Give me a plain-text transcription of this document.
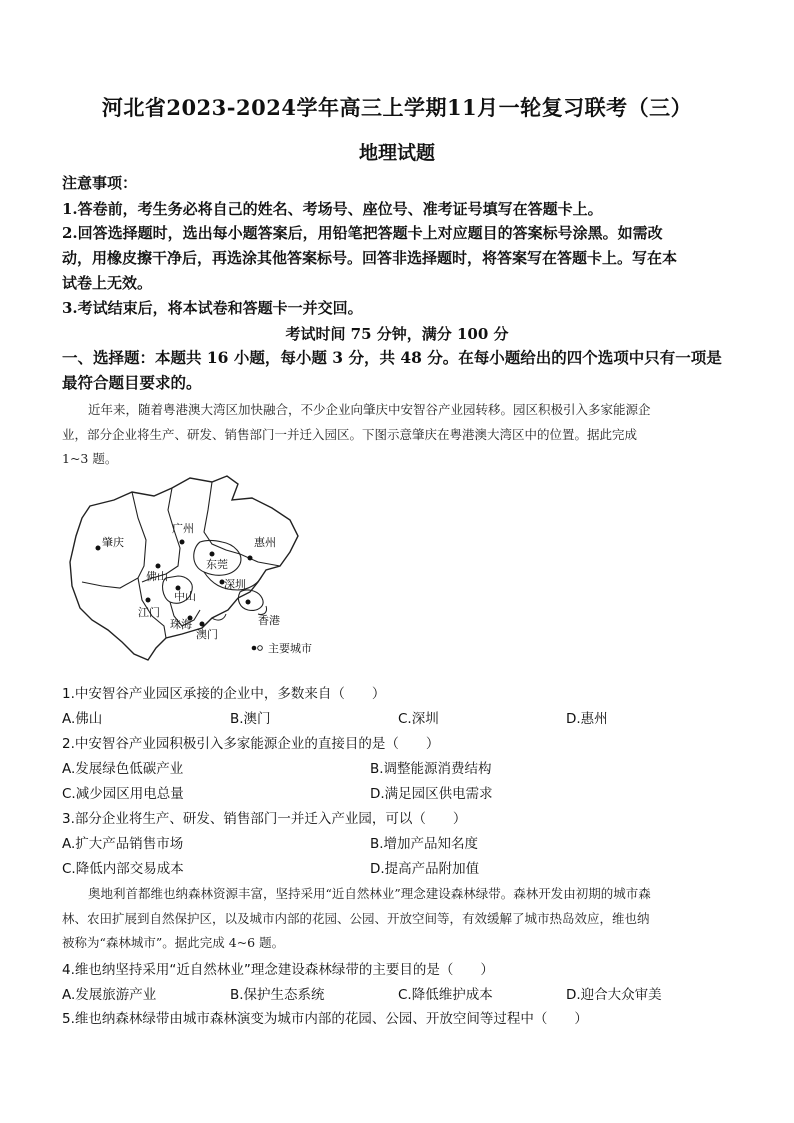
河北省2023-2024学年高三上学期11月一轮复习联考（三）
地理试题
注意事项：
1.答卷前，考生务必将自己的姓名、考场号、座位号、准考证号填写在答题卡上。
2.回答选择题时，选出每小题答案后，用铅笔把答题卡上对应题目的答案标号涂黑。如需改
动，用橡皮擦干净后，再选涂其他答案标号。回答非选择题时，将答案写在答题卡上。写在本
试卷上无效。
3.考试结束后，将本试卷和答题卡一并交回。
考试时间 75 分钟，满分 100 分
一、选择题：本题共 16 小题，每小题 3 分，共 48 分。在每小题给出的四个选项中只有一项是
最符合题目要求的。
近年来，随着粤港澳大湾区加快融合，不少企业向肇庆中安智谷产业园转移。园区积极引入多家能源企
业，部分企业将生产、研发、销售部门一并迁入园区。下图示意肇庆在粤港澳大湾区中的位置。据此完成
1~3 题。
肇庆
广州
惠州
佛山
东莞
深圳
江门
中山
香港
珠海
澳门
主要城市
1.中安智谷产业园区承接的企业中，多数来自（　　）
A.佛山	B.澳门	C.深圳	D.惠州
2.中安智谷产业园积极引入多家能源企业的直接目的是（　　）
A.发展绿色低碳产业	B.调整能源消费结构
C.减少园区用电总量	D.满足园区供电需求
3.部分企业将生产、研发、销售部门一并迁入产业园，可以（　　）
A.扩大产品销售市场	B.增加产品知名度
C.降低内部交易成本	D.提高产品附加值
奥地利首都维也纳森林资源丰富，坚持采用“近自然林业”理念建设森林绿带。森林开发由初期的城市森
林、农田扩展到自然保护区，以及城市内部的花园、公园、开放空间等，有效缓解了城市热岛效应，维也纳
被称为“森林城市”。据此完成 4~6 题。
4.维也纳坚持采用“近自然林业”理念建设森林绿带的主要目的是（　　）
A.发展旅游产业	B.保护生态系统	C.降低维护成本	D.迎合大众审美
5.维也纳森林绿带由城市森林演变为城市内部的花园、公园、开放空间等过程中（　　）
